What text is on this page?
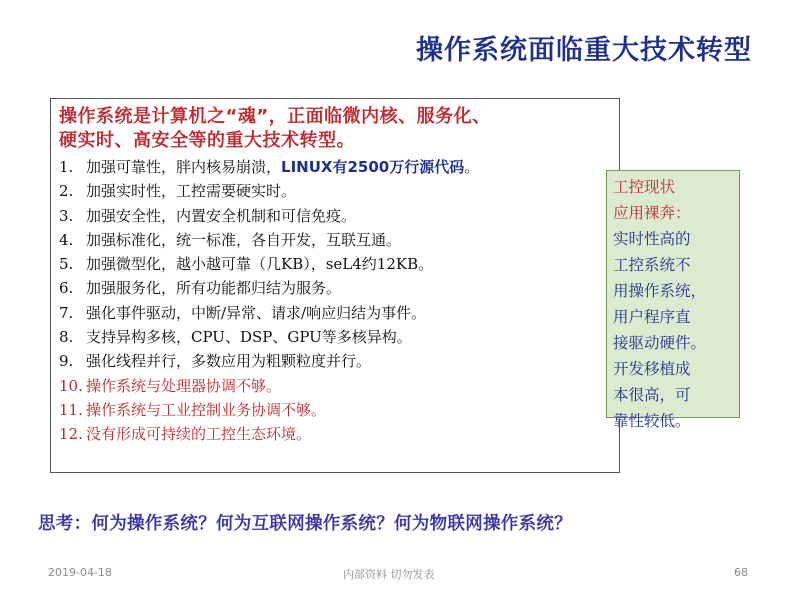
操作系统面临重大技术转型
操作系统是计算机之“魂”，正面临微内核、服务化、
硬实时、高安全等的重大技术转型。
1. 加强可靠性，胖内核易崩溃，LINUX有2500万行源代码。
2. 加强实时性，工控需要硬实时。
3. 加强安全性，内置安全机制和可信免疫。
4. 加强标准化，统一标准，各自开发，互联互通。
5. 加强微型化，越小越可靠（几KB），seL4约12KB。
6. 加强服务化，所有功能都归结为服务。
7. 强化事件驱动，中断/异常、请求/响应归结为事件。
8. 支持异构多核，CPU、DSP、GPU等多核异构。
9. 强化线程并行，多数应用为粗颗粒度并行。
10. 操作系统与处理器协调不够。
11. 操作系统与工业控制业务协调不够。
12. 没有形成可持续的工控生态环境。
工控现状
应用裸奔：
实时性高的
工控系统不
用操作系统，
用户程序直
接驱动硬件。
开发移植成
本很高，可
靠性较低。
思考：何为操作系统？何为互联网操作系统？何为物联网操作系统？
2019-04-18	内部资料 切勿发表	68
